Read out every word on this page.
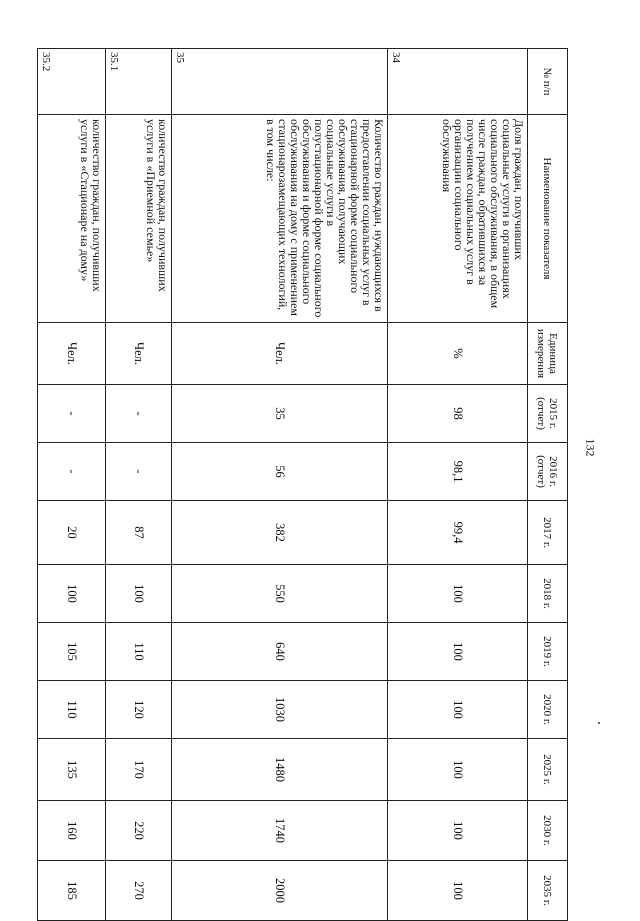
№ п/п	Наименование показателя	Единица измерения	2015 г. (отчет)	2016 г. (отчет)	2017 г.	2018 г.	2019 г.	2020 г.	2025 г.	2030 г.	2035 г.
34	Доля граждан, получивших социальные услуги в организациях социального обслуживания, в общем числе граждан, обратившихся за получением социальных услуг в организации социального обслуживания	%	98	98,1	99,4	100	100	100	100	100	100
35	Количество граждан, нуждающихся в предоставлении социальных услуг в стационарной форме социального обслуживания, получающих социальные услуги в полустационарной форме социального обслуживания и форме социального обслуживания на дому с применением стационарозамещающих технологий, в том числе:	Чел.	35	56	382	550	640	1030	1480	1740	2000
35.1	количество граждан, получивших услуги в «Приемной семье»	Чел.	-	-	87	100	110	120	170	220	270
35.2	количество граждан, получивших услуги в «Стационаре на дому»	Чел.	-	-	20	100	105	110	135	160	185
132
